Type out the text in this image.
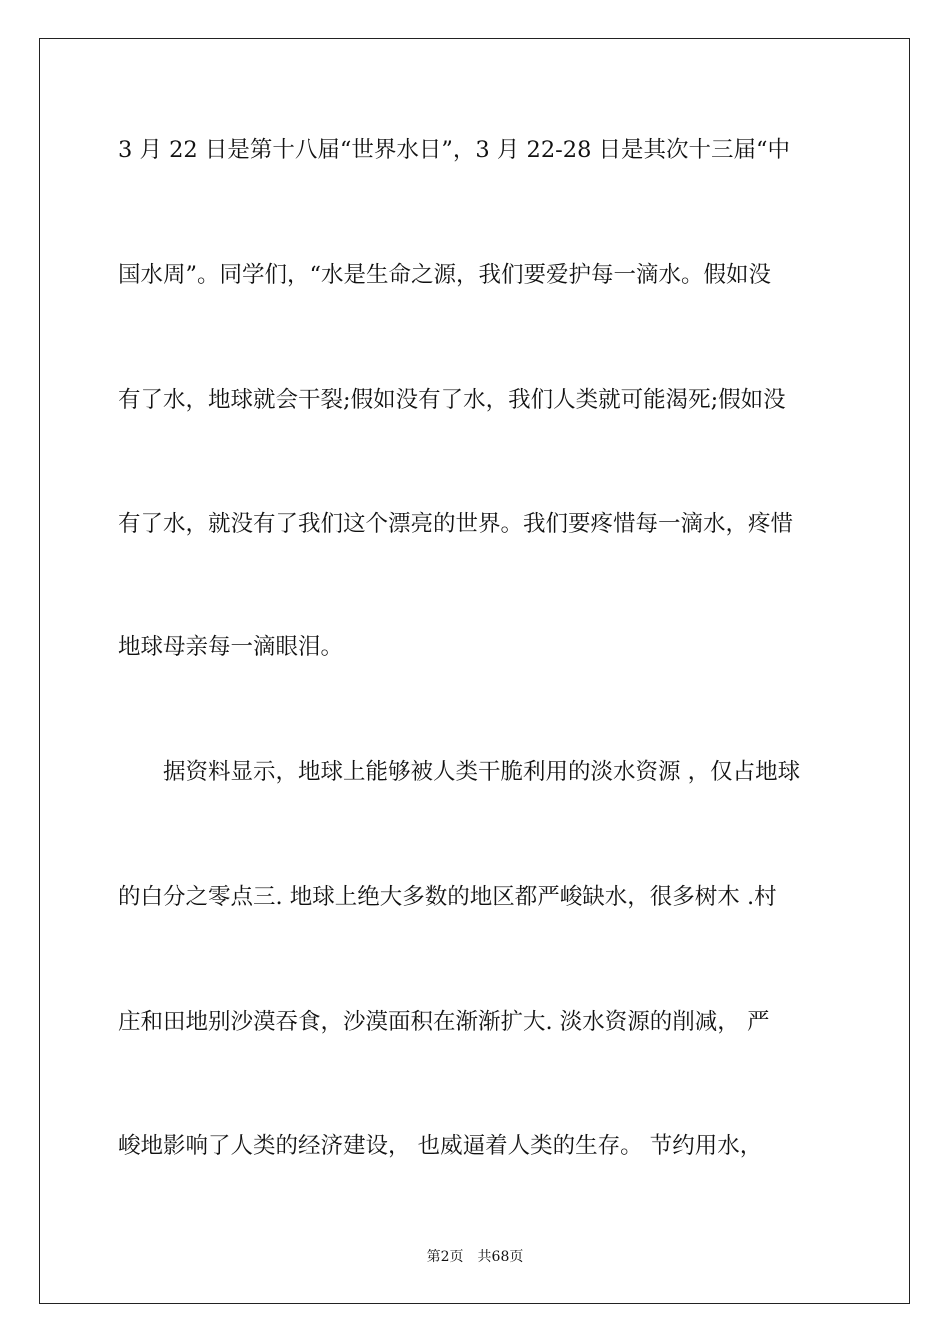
3 月 22 日是第十八届“世界水日”，3 月 22-28 日是其次十三届“中
国水周”。同学们，“水是生命之源，我们要爱护每一滴水。假如没
有了水，地球就会干裂;假如没有了水，我们人类就可能渴死;假如没
有了水，就没有了我们这个漂亮的世界。我们要疼惜每一滴水，疼惜
地球母亲每一滴眼泪。
　　据资料显示，地球上能够被人类干脆利用的淡水资源 ，仅占地球
的白分之零点三. 地球上绝大多数的地区都严峻缺水，很多树木 .村
庄和田地别沙漠吞食，沙漠面积在渐渐扩大. 淡水资源的削减， 严
峻地影响了人类的经济建设， 也威逼着人类的生存。 节约用水，
第2页 共68页
